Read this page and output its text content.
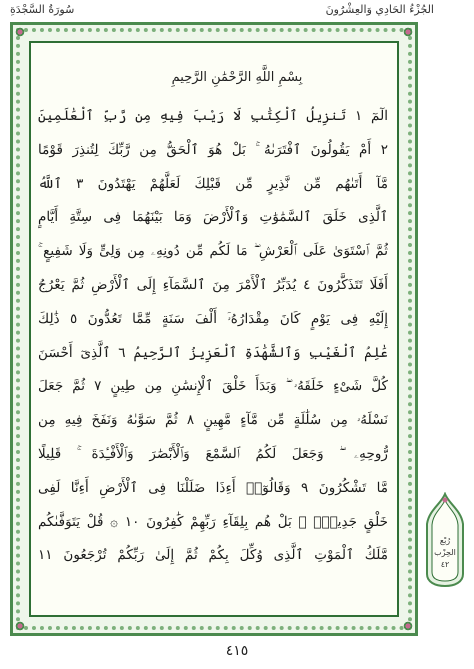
سُورَةُ السَّجْدَةِ	الجُزْءُ الحَادِي وَالعِشْرُونَ
بِسْمِ اللَّهِ الرَّحْمَٰنِ الرَّحِيمِ
الٓمٓ ١ تَنزِيلُ ٱلْكِتَٰبِ لَا رَيْبَ فِيهِ مِن رَّبِّ ٱلْعَٰلَمِينَ
٢ أَمْ يَقُولُونَ ٱفْتَرَىٰهُ ۚ بَلْ هُوَ ٱلْحَقُّ مِن رَّبِّكَ لِتُنذِرَ قَوْمًا
مَّآ أَتَىٰهُم مِّن نَّذِيرٍ مِّن قَبْلِكَ لَعَلَّهُمْ يَهْتَدُونَ ٣ ٱللَّهُ
ٱلَّذِى خَلَقَ ٱلسَّمَٰوَٰتِ وَٱلْأَرْضَ وَمَا بَيْنَهُمَا فِى سِتَّةِ أَيَّامٍ
ثُمَّ ٱسْتَوَىٰ عَلَى ٱلْعَرْشِ ۖ مَا لَكُم مِّن دُونِهِۦ مِن وَلِىٍّ وَلَا شَفِيعٍ ۚ
أَفَلَا تَتَذَكَّرُونَ ٤ يُدَبِّرُ ٱلْأَمْرَ مِنَ ٱلسَّمَآءِ إِلَى ٱلْأَرْضِ ثُمَّ يَعْرُجُ
إِلَيْهِ فِى يَوْمٍ كَانَ مِقْدَارُهُۥٓ أَلْفَ سَنَةٍ مِّمَّا تَعُدُّونَ ٥ ذَٰلِكَ
عَٰلِمُ ٱلْغَيْبِ وَٱلشَّهَٰدَةِ ٱلْعَزِيزُ ٱلرَّحِيمُ ٦ ٱلَّذِىٓ أَحْسَنَ
كُلَّ شَىْءٍ خَلَقَهُۥ ۖ وَبَدَأَ خَلْقَ ٱلْإِنسَٰنِ مِن طِينٍ ٧ ثُمَّ جَعَلَ
نَسْلَهُۥ مِن سُلَٰلَةٍ مِّن مَّآءٍ مَّهِينٍ ٨ ثُمَّ سَوَّىٰهُ وَنَفَخَ فِيهِ مِن
رُّوحِهِۦ ۖ وَجَعَلَ لَكُمُ ٱلسَّمْعَ وَٱلْأَبْصَٰرَ وَٱلْأَفْـِٔدَةَ ۚ قَلِيلًا
مَّا تَشْكُرُونَ ٩ وَقَالُوٓا۟ أَءِذَا ضَلَلْنَا فِى ٱلْأَرْضِ أَءِنَّا لَفِى
خَلْقٍ جَدِيدٍۭ ۚ بَلْ هُم بِلِقَآءِ رَبِّهِمْ كَٰفِرُونَ ١٠ ۞ قُلْ يَتَوَفَّىٰكُم
مَّلَكُ ٱلْمَوْتِ ٱلَّذِى وُكِّلَ بِكُمْ ثُمَّ إِلَىٰ رَبِّكُمْ تُرْجَعُونَ ١١
رُبْع
الحِزْب
٤٢
٤١٥
